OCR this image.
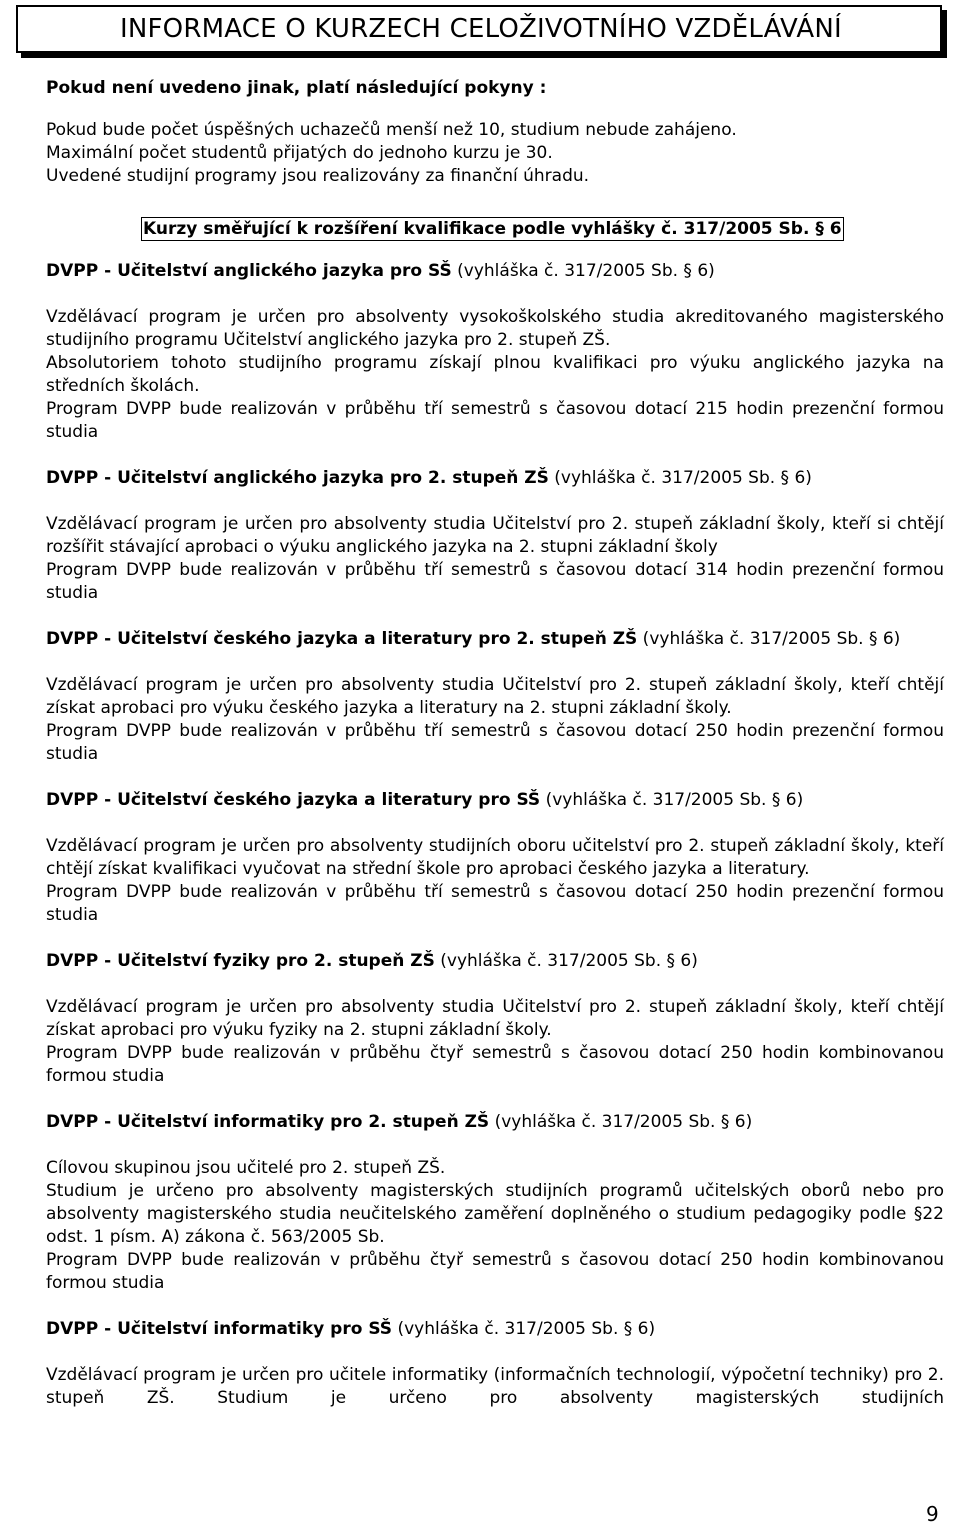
INFORMACE O KURZECH CELOŽIVOTNÍHO VZDĚLÁVÁNÍ

Pokud není uvedeno jinak, platí následující pokyny :

Pokud bude počet úspěšných uchazečů menší než 10, studium nebude zahájeno.

Maximální počet studentů přijatých do jednoho kurzu je 30.

Uvedené studijní programy jsou realizovány za finanční úhradu.

Kurzy směřující k rozšíření kvalifikace podle vyhlášky č. 317/2005 Sb. § 6

DVPP - Učitelství anglického jazyka pro SŠ (vyhláška č. 317/2005 Sb. § 6)

Vzdělávací program je určen pro absolventy vysokoškolského studia akreditovaného magisterského studijního programu Učitelství anglického jazyka pro 2. stupeň ZŠ.

Absolutoriem tohoto studijního programu získají plnou kvalifikaci pro výuku anglického jazyka na středních školách.

Program DVPP bude realizován v průběhu tří semestrů s časovou dotací 215 hodin prezenční formou studia

DVPP - Učitelství anglického jazyka pro 2. stupeň ZŠ (vyhláška č. 317/2005 Sb. § 6)

Vzdělávací program je určen pro absolventy studia Učitelství pro 2. stupeň základní školy, kteří si chtějí rozšířit stávající aprobaci o výuku anglického jazyka na 2. stupni základní školy

Program DVPP bude realizován v průběhu tří semestrů s časovou dotací 314 hodin prezenční formou studia

DVPP - Učitelství českého jazyka a literatury pro 2. stupeň ZŠ (vyhláška č. 317/2005 Sb. § 6)

Vzdělávací program je určen pro absolventy studia Učitelství pro 2. stupeň základní školy, kteří chtějí získat aprobaci pro výuku českého jazyka a literatury na 2. stupni základní školy.

Program DVPP bude realizován v průběhu tří semestrů s časovou dotací 250 hodin prezenční formou studia

DVPP - Učitelství českého jazyka a literatury pro SŠ (vyhláška č. 317/2005 Sb. § 6)

Vzdělávací program je určen pro absolventy studijních oboru učitelství pro 2. stupeň základní školy, kteří chtějí získat kvalifikaci vyučovat na střední škole pro aprobaci českého jazyka a literatury.

Program DVPP bude realizován v průběhu tří semestrů s časovou dotací 250 hodin prezenční formou studia

DVPP - Učitelství fyziky pro 2. stupeň ZŠ (vyhláška č. 317/2005 Sb. § 6)

Vzdělávací program je určen pro absolventy studia Učitelství pro 2. stupeň základní školy, kteří chtějí získat aprobaci pro výuku fyziky na 2. stupni základní školy.

Program DVPP bude realizován v průběhu čtyř semestrů s časovou dotací 250 hodin kombinovanou formou studia

DVPP - Učitelství informatiky pro 2. stupeň ZŠ (vyhláška č. 317/2005 Sb. § 6)

Cílovou skupinou jsou učitelé pro 2. stupeň ZŠ.

Studium je určeno pro absolventy magisterských studijních programů učitelských oborů nebo pro absolventy magisterského studia neučitelského zaměření doplněného o studium pedagogiky podle §22 odst. 1 písm. A) zákona č. 563/2005 Sb.

Program DVPP bude realizován v průběhu čtyř semestrů s časovou dotací 250 hodin kombinovanou formou studia

DVPP - Učitelství informatiky pro SŠ (vyhláška č. 317/2005 Sb. § 6)

Vzdělávací program je určen pro učitele informatiky (informačních technologií, výpočetní techniky) pro 2. stupeň ZŠ. Studium je určeno pro absolventy magisterských studijních

9
